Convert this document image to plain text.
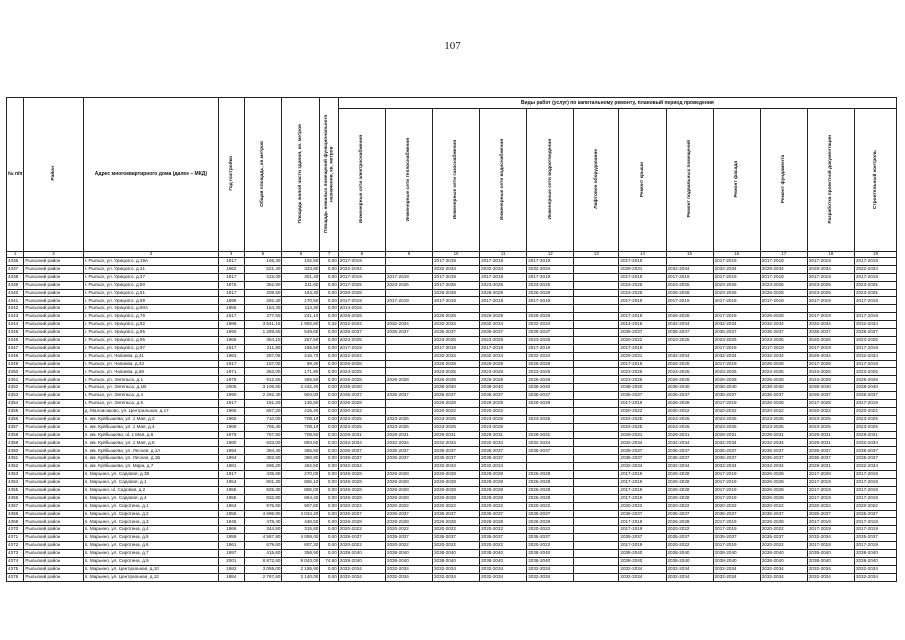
107
№ п/п	Район	Адрес многоквартирного дома (далее – МКД)	Год постройки	Общая площадь, кв.метров	Площадь жилой части здания, кв. метров	Площадь нежилых помещений функционального назначения, кв. метров	Виды работ (услуг) по капитальному ремонту, плановый период проведения											
							Инженерные сети электроснабжения	Инженерные сети теплоснабжения	Инженерные сети газоснабжения	Инженерные сети водоснабжения	Инженерные сети водоотведения	Лифтовое оборудование	Ремонт крыши	Ремонт подвальных помещений	Ремонт фасада	Ремонт фундамента	Разработка проектной документации	Строительный контроль
1	2	3	4	5	6	7	8	9	10	11	12	13	14	15	16	17	18	19
4336	Рыльский район	г. Рыльск, ул. Урицкого, д.19А	1917	166,30	102,50	0,00	2017-2019		2017-2019	2017-2019	2017-2019		2017-2019		2017-2019	2017-2019	2017-2019	2017-2019
4337	Рыльский район	г. Рыльск, ул. Урицкого, д.41	1962	521,40	333,80	0,00	2032-2034		2032-2034	2032-2034	2032-2034		2029-2031	2032-2034	2032-2034	2029-2034	2029-2034	2032-2034
4338	Рыльский район	г. Рыльск, ул. Урицкого, д.47	1917	315,00	301,40	0,00	2017-2019	2017-2019	2017-2019	2017-2019	2017-2019		2017-2019	2017-2019	2017-2019	2017-2019	2017-2019	2017-2019
4339	Рыльский район	г. Рыльск, ул. Урицкого, д.50	1976	362,90	211,60	0,00	2017-2025	2023-2025	2017-2025	2023-2025	2023-2025		2023-2025	2023-2025	2023-2025	2023-2025	2023-2025	2023-2025
4340	Рыльский район	г. Рыльск, ул. Урицкого, д.51	1917	208,50	164,30	0,00	2026-2028		2026-2028	2026-2028	2026-2028		2023-2025	2026-2028	2023-2025	2026-2028	2023-2025	2023-2025
4341	Рыльский район	г. Рыльск, ул. Урицкого, д.59	1896	292,40	170,50	0,00	2017-2019	2017-2019	2017-2019	2017-2019	2017-2019		2017-2019	2017-2019	2017-2019	2017-2019	2017-2019	2017-2019
4342	Рыльский район	г. Рыльск, ул. Урицкого, д.60А	1956	154,40	114,30	0,00	2014-2016											
4343	Рыльский район	г. Рыльск, ул. Урицкого, д.79	1917	377,50	241,10	0,00	2026-2028		2026-2028	2026-2028	2026-2028		2017-2019	2026-2028	2017-2019	2026-2028	2017-2019	2017-2019
4344	Рыльский район	г. Рыльск, ул. Урицкого, д.82	1986	3 541,15	1 992,80	0,32	2032-2034	2032-2034	2032-2034	2032-2034	2032-2034		2014-2016	2032-2034	2032-2034	2032-2034	2032-2034	2032-2034
4345	Рыльский район	г. Рыльск, ул. Урицкого, д.85	1990	1 289,60	549,60	0,00	2035-2037	2035-2037	2035-2037	2035-2037	2035-2037		2035-2037	2035-2037	2035-2037	2035-2037	2035-2037	2035-2037
4346	Рыльский район	г. Рыльск, ул. Урицкого, д.95	1966	364,10	257,50	0,00	2023-2025		2023-2025	2023-2025	2023-2025		2020-2022	2023-2025	2023-2025	2023-2025	2020-2025	2023-2025
4347	Рыльский район	г. Рыльск, ул. Урицкого, д.97	1917	211,80	165,50	0,00	2017-2019		2017-2019	2017-2019	2017-2019		2017-2019		2017-2019	2017-2019	2017-2019	2017-2019
4348	Рыльский район	г. Рыльск, ул. Чапаева, д.41	1963	287,06	216,70	0,00	2032-2034		2032-2034	2032-2034	2032-2034		2029-2031	2032-2034	2032-2034	2032-2034	2029-2034	2032-2034
4349	Рыльский район	г. Рыльск, ул. Чапаева, д.43	1917	157,00	99,40	0,00	2026-2028		2026-2028	2026-2028	2026-2028		2017-2019	2026-2028	2017-2019	2026-2028	2017-2028	2017-2019
4350	Рыльский район	г. Рыльск, ул. Чапаева, д.58	1971	363,00	171,90	0,00	2023-2025		2023-2025	2023-2025	2023-2025		2023-2025	2023-2025	2023-2025	2023-2025	2023-2025	2023-2025
4351	Рыльский район	г. Рыльск, ул. Энгельса, д.1	1978	912,50	455,50	0,00	2026-2028	2026-2028	2026-2028	2026-2028	2026-2028		2023-2025	2026-2028	2026-2028	2026-2028	2023-2028	2026-2028
4352	Рыльский район	г. Рыльск, ул. Энгельса, д.1В	2005	3 106,60	2 432,40	0,00	2038-2040		2038-2040	2038-2040	2038-2040		2038-2040	2038-2040	2038-2040	2038-2040	2038-2040	2038-2040
4353	Рыльский район	г. Рыльск, ул. Энгельса, д.4	1990	2 292,40	904,00	0,00	2035-2037	2035-2037	2035-2037	2035-2037	2035-2037		2035-2037	2035-2037	2035-2037	2035-2037	2035-2037	2035-2037
4354	Рыльский район	г. Рыльск, ул. Энгельса, д.6	1917	181,20	136,80	0,00	2026-2028		2026-2028	2026-2028	2026-2028		2017-2019	2026-2028	2017-2019	2026-2028	2017-2028	2017-2019
4355	Рыльский район	д. Малоисаково, ул. Центральная, д.17	1966	657,20	415,40	0,00	2020-2022		2020-2022	2020-2022			2020-2022	2020-2022	2020-2022	2020-2022	2020-2022	2020-2022
4356	Рыльский район	п. им. Куйбышева, ул. 1 Мая, д.2	1960	710,00	708,10	0,00	2023-2025	2023-2025	2023-2025	2023-2025	2023-2025		2023-2025	2023-2025	2023-2025	2023-2025	2023-2025	2023-2025
4357	Рыльский район	п. им. Куйбышева, ул. 1 Мая, д.4	1969	755,40	708,10	0,00	2023-2025	2023-2025	2023-2025	2023-2025			2023-2025	2023-2025	2023-2025	2023-2025	2023-2025	2023-2025
4358	Рыльский район	п. им. Куйбышева, ul. 1 Мая, д.6	1979	767,50	708,50	0,00	2029-2031	2029-2031	2029-2031	2029-2031	2029-2031		2029-2031	2029-2031	2029-2031	2029-2031	2029-2031	2029-2031
4359	Рыльский район	п. им. Куйбышева, ул. 1 Мая, д.8	1980	833,00	893,60	0,00	2032-2034	2032-2034	2032-2034	2032-2034	2032-2034		2032-2034	2032-2034	2032-2034	2032-2034	2029-2031	2032-2034
4360	Рыльский район	п. им. Куйбышева, ул. Лесная, д.1А	1994	394,40	365,50	0,00	2035-2037	2035-2037	2035-2037	2035-2037	2035-2037		2035-2037	2035-2037	2035-2037	2035-2037	2035-2037	2035-2037
4361	Рыльский район	п. им. Куйбышева, ул. Лесная, д.1Б	1994	382,60	350,90	0,00	2035-2037	2035-2037	2035-2037	2035-2037			2035-2037	2035-2037	2035-2037	2035-2037	2035-2037	2035-2037
4362	Рыльский район	п. им. Куйбышева, ул. Мира, д.7	1981	596,20	462,50	0,00	2032-2034		2032-2034	2032-2034			2032-2034	2032-2034	2032-2034	2032-2034	2029-2031	2032-2034
4363	Рыльский район	п. Марьино, ул. Садовая, д.38	1917	435,80	270,00	0,00	2026-2028	2026-2028	2026-2028	2026-2028	2026-2028		2017-2019	2026-2028	2017-2019	2026-2028	2017-2028	2017-2019
4364	Рыльский район	п. Марьино, ул. Садовая, д.1	1954	901,30	865,10	0,00	2026-2028	2026-2028	2026-2028	2026-2028	2026-2028		2017-2019	2026-2028	2017-2019	2026-2028	2017-2019	2017-2019
4365	Рыльский район	п. Марьино, ul. Садовая, д.2	1955	925,30	855,00	0,00	2026-2028	2026-2028	2026-2028	2026-2028	2026-2028		2017-2019	2026-2028	2017-2019	2026-2028	2017-2019	2017-2019
4366	Рыльский район	п. Марьино, ул. Садовая, д.4	1955	932,80	864,40	0,00	2026-2028	2026-2028	2026-2028	2026-2028	2026-2028		2017-2019	2026-2028	2017-2019	2026-2028	2017-2019	2017-2019
4367	Рыльский район	п. Марьино, ул. Сиротина, д.1	1964	976,50	907,60	0,00	2020-2022	2020-2022	2020-2022	2020-2022	2020-2022		2020-2022	2020-2022	2020-2022	2020-2022	2020-2022	2020-2022
4368	Рыльский район	п. Марьино, ул. Сиротина, д.2	1956	4 696,80	4 034,40	0,00	2035-2037	2035-2037	2035-2037	2035-2037	2035-2037		2035-2037	2035-2037	2035-2037	2035-2037	2035-2037	2035-2037
4369	Рыльский район	п. Марьино, ул. Сиротина, д.3	1945	476,40	446,50	0,00	2026-2028	2026-2028	2026-2028	2026-2028	2026-2028		2017-2019	2026-2028	2017-2019	2026-2028	2017-2019	2017-2019
4370	Рыльский район	п. Марьино, ул. Сиротина, д.4	1966	344,50	315,80	0,00	2020-2022	2020-2022	2020-2022	2020-2022	2020-2022		2017-2019	2020-2022	2017-2019	2020-2022	2017-2019	2017-2019
4371	Рыльский район	п. Марьино, ул. Сиротина, д.5	1959	4 587,80	4 059,00	0,00	2035-2037	2035-2037	2035-2037	2035-2037	2035-2037		2035-2037	2035-2037	2035-2037	2035-2037	2032-2034	2035-2037
4372	Рыльский район	п. Марьино, ул. Сиротина, д.6	1961	679,60	607,30	0,00	2020-2022	2020-2022	2020-2022	2020-2022	2020-2022		2017-2019	2020-2022	2017-2019	2020-2022	2017-2019	2017-2019
4373	Рыльский район	п. Марьино, ул. Сиротина, д.7	1997	415,60	358,90	0,00	2038-2040	2038-2040	2038-2040	2038-2040	2038-2040		2038-2040	2038-2040	2038-2040	2038-2040	2038-2040	2038-2040
4374	Рыльский район	п. Марьино, ул. Сиротина, д.9	2001	8 872,60	8 043,00	74,60	2038-2040	2038-2040	2038-2040	2038-2040	2038-2040		2038-2040	2038-2040	2038-2040	2038-2040	2038-2040	2038-2040
4375	Рыльский район	п. Марьино, ул. Центральная, д.10	1982	3 055,00	2 185,90	0,00	2032-2034	2032-2034	2032-2034	2032-2034	2032-2034		2032-2034	2032-2034	2032-2034	2032-2034	2032-2034	2032-2034
4376	Рыльский район	п. Марьино, ул. Центральная, д.12	1984	2 767,60	2 140,00	0,00	2032-2034	2032-2034	2032-2034	2032-2034	2032-2034		2032-2034	2032-2034	2032-2034	2032-2034	2032-2034	2032-2034
